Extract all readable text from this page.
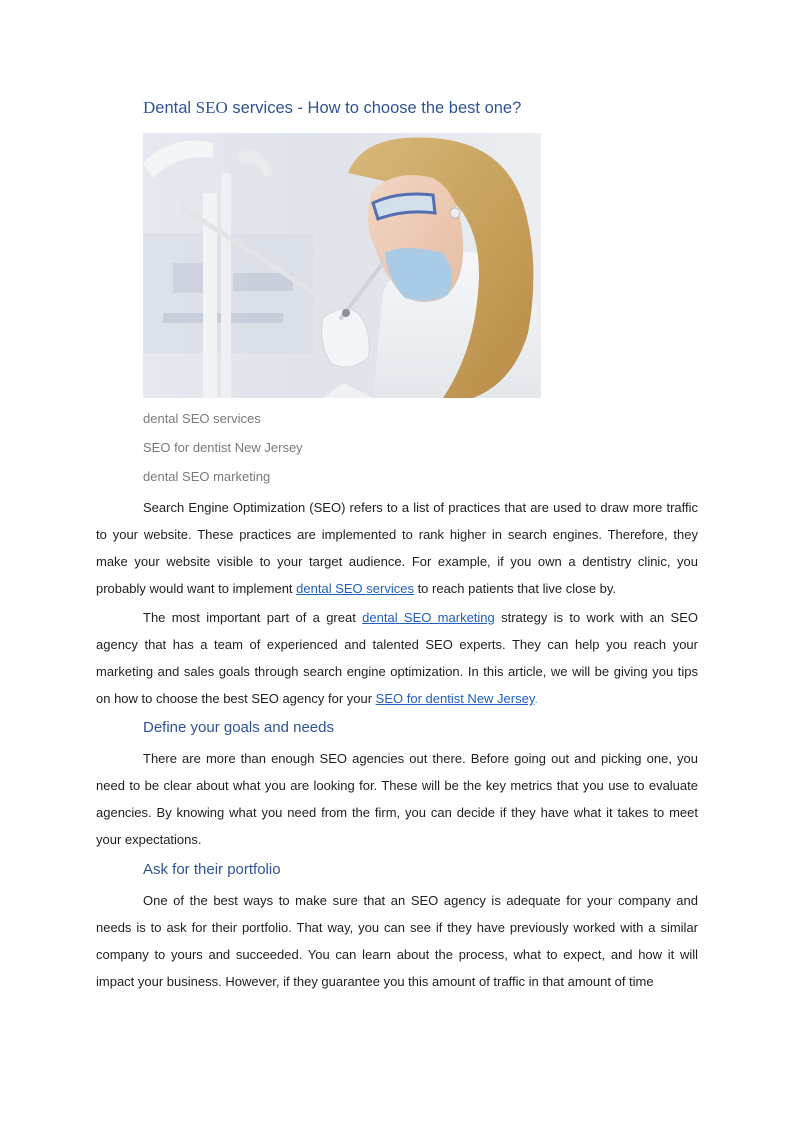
Dental SEO services - How to choose the best one?
dental SEO services
SEO for dentist New Jersey
dental SEO marketing

Search Engine Optimization (SEO) refers to a list of practices that are used to draw more traffic to your website. These practices are implemented to rank higher in search engines. Therefore, they make your website visible to your target audience. For example, if you own a dentistry clinic, you probably would want to implement dental SEO services to reach patients that live close by.

The most important part of a great dental SEO marketing strategy is to work with an SEO agency that has a team of experienced and talented SEO experts. They can help you reach your marketing and sales goals through search engine optimization. In this article, we will be giving you tips on how to choose the best SEO agency for your SEO for dentist New Jersey.

Define your goals and needs

There are more than enough SEO agencies out there. Before going out and picking one, you need to be clear about what you are looking for. These will be the key metrics that you use to evaluate agencies. By knowing what you need from the firm, you can decide if they have what it takes to meet your expectations.

Ask for their portfolio

One of the best ways to make sure that an SEO agency is adequate for your company and needs is to ask for their portfolio. That way, you can see if they have previously worked with a similar company to yours and succeeded. You can learn about the process, what to expect, and how it will impact your business. However, if they guarantee you this amount of traffic in that amount of time
